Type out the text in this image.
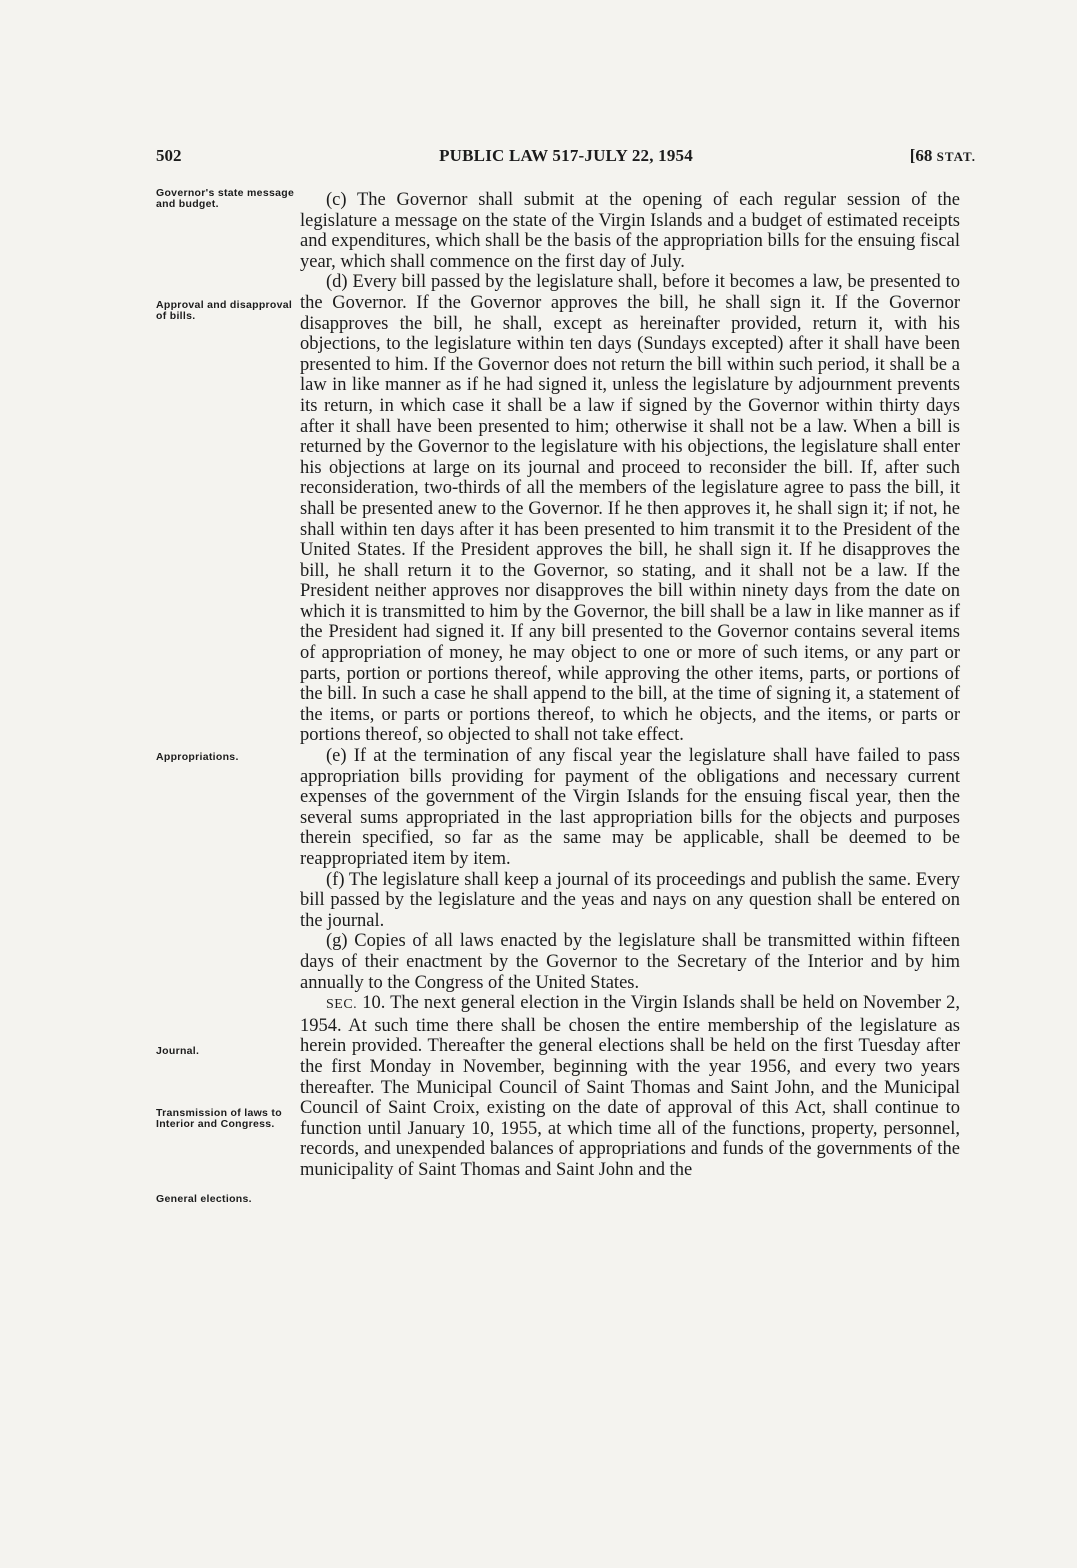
502	PUBLIC LAW 517-JULY 22, 1954	[68 STAT.
Governor's state message and budget.
Approval and disapproval of bills.
Appropriations.
Journal.
Transmission of laws to Interior and Congress.
General elections.

(c) The Governor shall submit at the opening of each regular session of the legislature a message on the state of the Virgin Islands and a budget of estimated receipts and expenditures, which shall be the basis of the appropriation bills for the ensuing fiscal year, which shall commence on the first day of July.

(d) Every bill passed by the legislature shall, before it becomes a law, be presented to the Governor. If the Governor approves the bill, he shall sign it. If the Governor disapproves the bill, he shall, except as hereinafter provided, return it, with his objections, to the legislature within ten days (Sundays excepted) after it shall have been presented to him. If the Governor does not return the bill within such period, it shall be a law in like manner as if he had signed it, unless the legislature by adjournment prevents its return, in which case it shall be a law if signed by the Governor within thirty days after it shall have been presented to him; otherwise it shall not be a law. When a bill is returned by the Governor to the legislature with his objections, the legislature shall enter his objections at large on its journal and proceed to reconsider the bill. If, after such reconsideration, two-thirds of all the members of the legislature agree to pass the bill, it shall be presented anew to the Governor. If he then approves it, he shall sign it; if not, he shall within ten days after it has been presented to him transmit it to the President of the United States. If the President approves the bill, he shall sign it. If he disapproves the bill, he shall return it to the Governor, so stating, and it shall not be a law. If the President neither approves nor disapproves the bill within ninety days from the date on which it is transmitted to him by the Governor, the bill shall be a law in like manner as if the President had signed it. If any bill presented to the Governor contains several items of appropriation of money, he may object to one or more of such items, or any part or parts, portion or portions thereof, while approving the other items, parts, or portions of the bill. In such a case he shall append to the bill, at the time of signing it, a statement of the items, or parts or portions thereof, to which he objects, and the items, or parts or portions thereof, so objected to shall not take effect.

(e) If at the termination of any fiscal year the legislature shall have failed to pass appropriation bills providing for payment of the obligations and necessary current expenses of the government of the Virgin Islands for the ensuing fiscal year, then the several sums appropriated in the last appropriation bills for the objects and purposes therein specified, so far as the same may be applicable, shall be deemed to be reappropriated item by item.

(f) The legislature shall keep a journal of its proceedings and publish the same. Every bill passed by the legislature and the yeas and nays on any question shall be entered on the journal.

(g) Copies of all laws enacted by the legislature shall be transmitted within fifteen days of their enactment by the Governor to the Secretary of the Interior and by him annually to the Congress of the United States.

SEC. 10. The next general election in the Virgin Islands shall be held on November 2, 1954. At such time there shall be chosen the entire membership of the legislature as herein provided. Thereafter the general elections shall be held on the first Tuesday after the first Monday in November, beginning with the year 1956, and every two years thereafter. The Municipal Council of Saint Thomas and Saint John, and the Municipal Council of Saint Croix, existing on the date of approval of this Act, shall continue to function until January 10, 1955, at which time all of the functions, property, personnel, records, and unexpended balances of appropriations and funds of the governments of the municipality of Saint Thomas and Saint John and the
